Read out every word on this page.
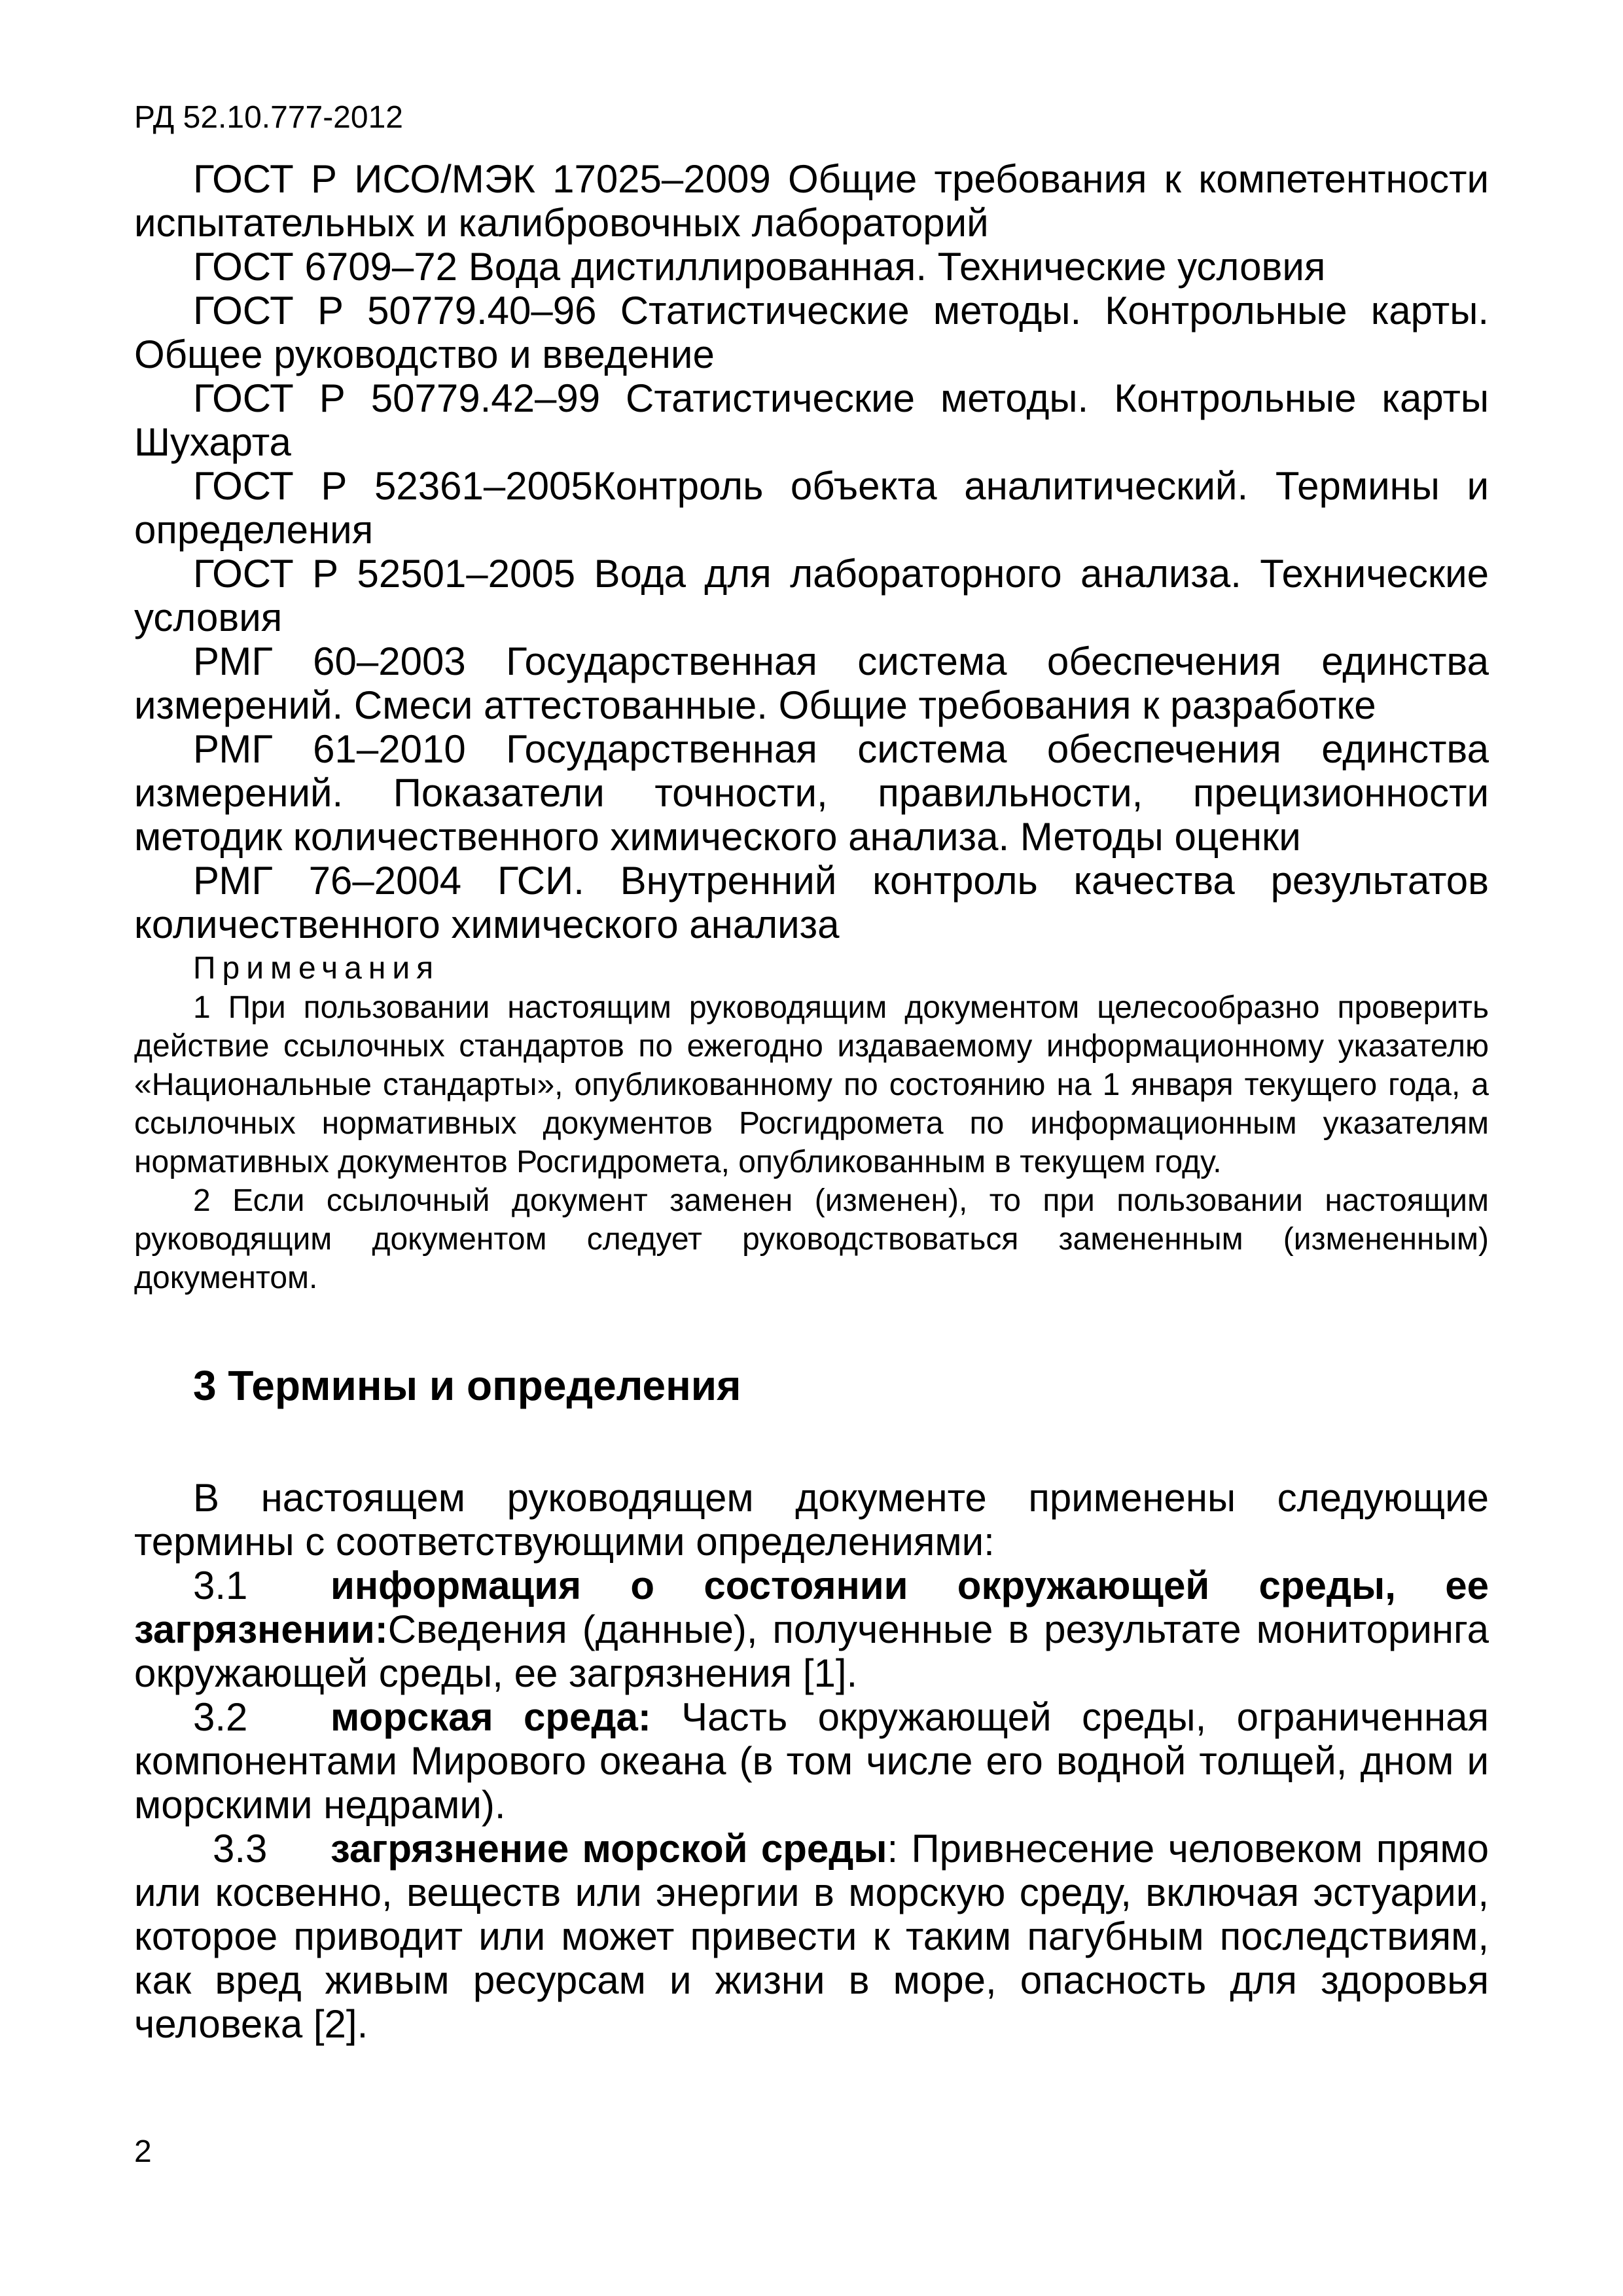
РД 52.10.777-2012

ГОСТ Р ИСО/МЭК 17025–2009 Общие требования к компетентности испытательных и калибровочных лабораторий

ГОСТ 6709–72 Вода дистиллированная. Технические условия

ГОСТ Р 50779.40–96 Статистические методы. Контрольные карты. Общее руководство и введение

ГОСТ Р 50779.42–99 Статистические методы. Контрольные карты Шухарта

ГОСТ Р 52361–2005Контроль объекта аналитический. Термины и определения

ГОСТ Р 52501–2005 Вода для лабораторного анализа. Технические условия

РМГ 60–2003 Государственная система обеспечения единства измерений. Смеси аттестованные. Общие требования к разработке

РМГ 61–2010 Государственная система обеспечения единства измерений. Показатели точности, правильности, прецизионности методик количественного химического анализа. Методы оценки

РМГ 76–2004 ГСИ. Внутренний контроль качества результатов количественного химического анализа

Примечания

1 При пользовании настоящим руководящим документом целесообразно проверить действие ссылочных стандартов по ежегодно издаваемому информационному указателю «Национальные стандарты», опубликованному по состоянию на 1 января текущего года, а ссылочных нормативных документов Росгидромета по информационным указателям нормативных документов Росгидромета, опубликованным в текущем году.

2 Если ссылочный документ заменен (изменен), то при пользовании настоящим руководящим документом следует руководствоваться замененным (измененным) документом.

3 Термины и определения

В настоящем руководящем документе применены следующие термины с соответствующими определениями:

3.1 информация о состоянии окружающей среды, ее загрязнении:Сведения (данные), полученные в результате мониторинга окружающей среды, ее загрязнения [1].

3.2 морская среда: Часть окружающей среды, ограниченная компонентами Мирового океана (в том числе его водной толщей, дном и морскими недрами).

3.3 загрязнение морской среды: Привнесение человеком прямо или косвенно, веществ или энергии в морскую среду, включая эстуарии, которое приводит или может привести к таким пагубным последствиям, как вред живым ресурсам и жизни в море, опасность для здоровья человека [2].

2
